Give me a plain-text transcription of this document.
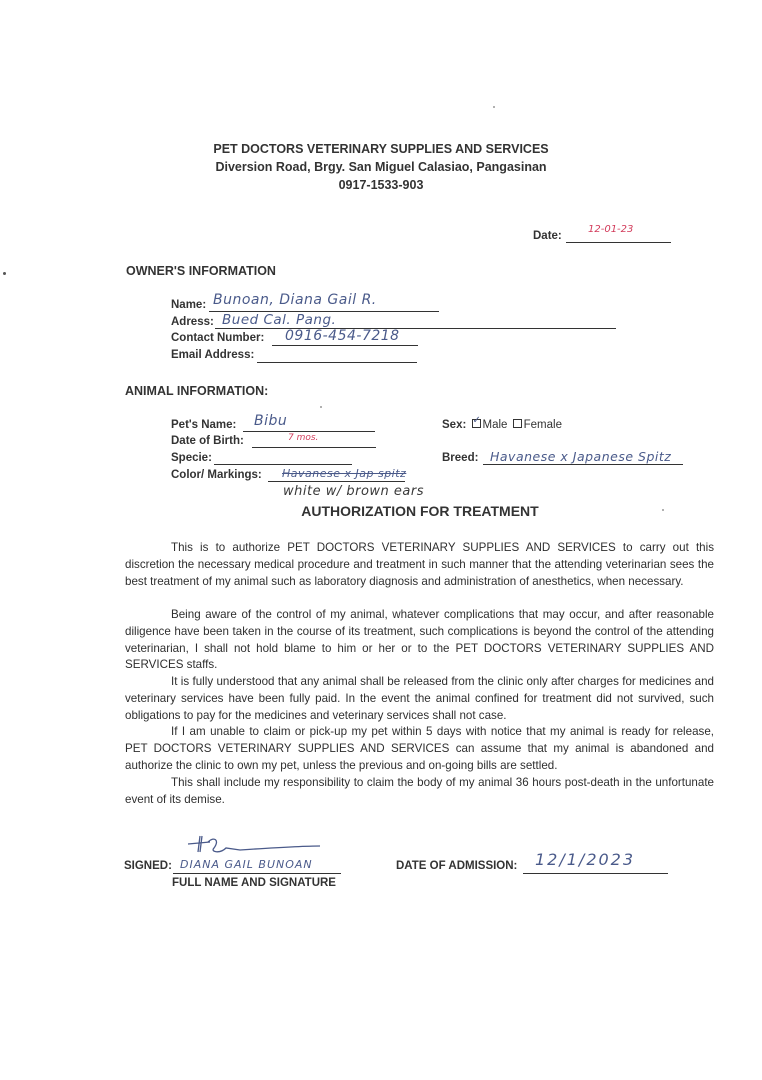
PET DOCTORS VETERINARY SUPPLIES AND SERVICES
Diversion Road, Brgy. San Miguel Calasiao, Pangasinan
0917-1533-903
Date:
12-01-23
OWNER'S INFORMATION
Name: Bunoan, Diana Gail R.
Adress: Bued Cal. Pang.
Contact Number: 0916-454-7218
Email Address:
ANIMAL INFORMATION:
Pet's Name: Bibu
Date of Birth:	7 mos.
Specie:
Color/ Markings: Havanese x Jap spitz
white w/ brown ears
Sex: ✓ Male Female
Breed: Havanese x Japanese Spitz
AUTHORIZATION FOR TREATMENT

This is to authorize PET DOCTORS VETERINARY SUPPLIES AND SERVICES to carry out this discretion the necessary medical procedure and treatment in such manner that the attending veterinarian sees the best treatment of my animal such as laboratory diagnosis and administration of anesthetics, when necessary.

Being aware of the control of my animal, whatever complications that may occur, and after reasonable diligence have been taken in the course of its treatment, such complications is beyond the control of the attending veterinarian, I shall not hold blame to him or her or to the PET DOCTORS VETERINARY SUPPLIES AND SERVICES staffs.

It is fully understood that any animal shall be released from the clinic only after charges for medicines and veterinary services have been fully paid. In the event the animal confined for treatment did not survived, such obligations to pay for the medicines and veterinary services shall not case.

If I am unable to claim or pick-up my pet within 5 days with notice that my animal is ready for release, PET DOCTORS VETERINARY SUPPLIES AND SERVICES can assume that my animal is abandoned and authorize the clinic to own my pet, unless the previous and on-going bills are settled.

This shall include my responsibility to claim the body of my animal 36 hours post-death in the unfortunate event of its demise.

SIGNED: DIANA GAIL BUNOAN
FULL NAME AND SIGNATURE
DATE OF ADMISSION: 12/1/2023
